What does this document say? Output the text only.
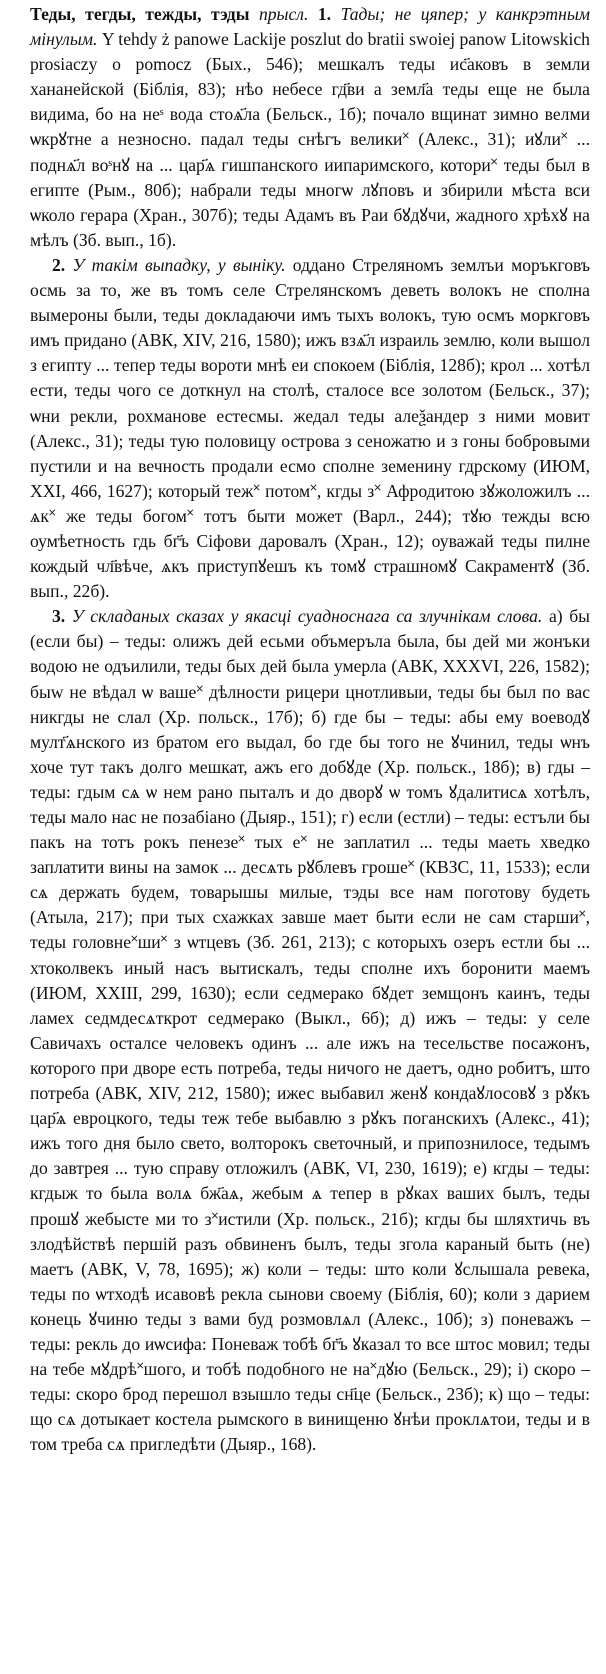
Теды, тегды, тежды, тэды прысл. 1. Тады; не цяпер; у канкрэтным мінулым. Y tehdy ż panowe Lackije poszlut do bratii swoiej panow Litowskich prosiaczy o pomocz (Бых., 546); мешкалъ теды ис҃аковъ в земли хананейской (Біблія, 83); нѣо небесе гд҃ви а земл҃а теды еще не была видима, бо на неˢ вода стоѧ҃ла (Бельск., 1б); почало вщинат зимно велми ѡкрꙋтне а незносно. падал теды снѣгъ велики˟ (Алекс., 31); иꙋли˟ ... поднѧ҃л воˢнꙋ на ... цар҃ѧ гишпанского иипаримского, котори˟ теды был в египте (Рым., 80б); набрали теды многѡ лꙋповъ и збирили мѣста вси ѡколо герара (Хран., 307б); теды Адамъ въ Раи бꙋдꙋчи, жадного хрѣхꙋ на мѣлъ (Зб. вып., 1б).

2. У такім выпадку, у выніку. оддано Стреляномъ землъи моръкговъ осмь за то, же въ томъ селе Стрелянскомъ деветь волокъ не сполна вымероны были, теды докладаючи имъ тыхъ волокъ, тую осмъ моркговъ имъ придано (АВК, XIV, 216, 1580); ижъ взѧ҃л израиль землю, коли вышол з египту ... тепер теды вороти мнѣ еи спокоем (Біблія, 128б); крол ... хотѣл ести, теды чого се доткнул на столѣ, сталосе все золотом (Бельск., 37); ѡни рекли, рохманове естесмы. жедал теды алеѯандер з ними мовит (Алекс., 31); теды тую половицу острова з сеножатю и з гоны бобровыми пустили и на вечность продали есмо сполне земенину гдрскому (ИЮМ, XXI, 466, 1627); который теж˟ потом˟, кгды з˟ Афродитою зꙋжоложилъ ... ѧк˟ же теды богом˟ тотъ быти может (Варл., 244); тꙋю тежды всю оумѣетность гдь бг҃ъ Сіфови даровалъ (Хран., 12); оуважай теды пилне кождый чл҃вѣче, ѧкъ приступꙋешъ къ томꙋ страшномꙋ Сакраментꙋ (Зб. вып., 22б).

3. У складаных сказах у якасці суадноснага са злучнікам слова. а) бы (если бы) – теды: олижъ дей есьми объмеръла была, бы дей ми жонъки водою не одъилили, теды быx дей была умерла (АВК, XXXVI, 226, 1582); быw не вѣдал ѡ ваше˟ дѣлности рицери цнотливыи, теды бы был по вас никгды не слал (Хр. польск., 17б); б) где бы – теды: абы ему воеводꙋ мулт҃ѧнского из братом его выдал, бо где бы того не ꙋчинил, теды ѡнъ хоче тут такъ долго мешкат, ажъ его добꙋде (Хр. польск., 18б); в) гды – теды: гдым сѧ ѡ нем рано пыталъ и до дворꙋ ѡ томъ ꙋдалитисѧ хотѣлъ, теды мало нас не позабіано (Дыяр., 151); г) если (естли) – теды: естъли бы пакъ на тотъ рокъ пенезе˟ тых е˟ не заплатил ... теды маеть хведко заплатити вины на замок ... десѧть рꙋблевъ гроше˟ (КВЗС, 11, 1533); если сѧ держать будем, товарышы милые, тэды все нам поготову будеть (Атыла, 217); при тых схажках завше мает быти если не сам старши˟, теды головне˟ши˟ з ѡтцевъ (Зб. 261, 213); с которыхъ озеръ естли бы ... хтоколвекъ иный насъ вытискалъ, теды сполне ихъ боронити маемъ (ИЮМ, XXIII, 299, 1630); если седмерако бꙋдет земщонъ каинъ, теды ламех седмдесѧткрот седмерако (Выкл., 6б); д) ижъ – теды: у селе Савичахъ осталсе человекъ одинъ ... але ижъ на тесельстве посажонъ, которого при дворе есть потреба, теды ничого не даетъ, одно робитъ, што потреба (АВК, XIV, 212, 1580); ижес выбавил женꙋ кондаꙋлосовꙋ з рꙋкъ цар҃ѧ евроцкого, теды теж тебе выбавлю з рꙋкъ поганскихъ (Алекс., 41); ижъ того дня было свето, волторокъ светочный, и припознилосе, тедымъ до завтрея ... тую справу отложилъ (АВК, VI, 230, 1619); е) кгды – теды: кгдыж то была волѧ бж҃аѧ, жебым ѧ тепер в рꙋках ваших былъ, теды прошꙋ жебысте ми то з˟истили (Хр. польск., 21б); кгды бы шляхтичь въ злодѣйствѣ першій разъ обвиненъ былъ, теды згола караный быть (не) маетъ (АВК, V, 78, 1695); ж) коли – теды: што коли ꙋслышала ревека, теды по ѡтходѣ исавовѣ рекла сынови своему (Біблія, 60); коли з дарием конець ꙋчиню теды з вами буд розмовлѧл (Алекс., 10б); з) поневажъ – теды: рекль до иѡсифа: Поневаж тобѣ бг҃ъ ꙋказал то все штос мовил; теды на тебе мꙋдрѣ˟шого, и тобѣ подобного не на˟дꙋю (Бельск., 29); і) скоро – теды: скоро брод перешол взышло теды сн҃це (Бельск., 23б); к) що – теды: що сѧ дотыкает костела рымского в винищеню ꙋнѣи проклѧтои, теды и в том треба сѧ пригледѣти (Дыяр., 168).
